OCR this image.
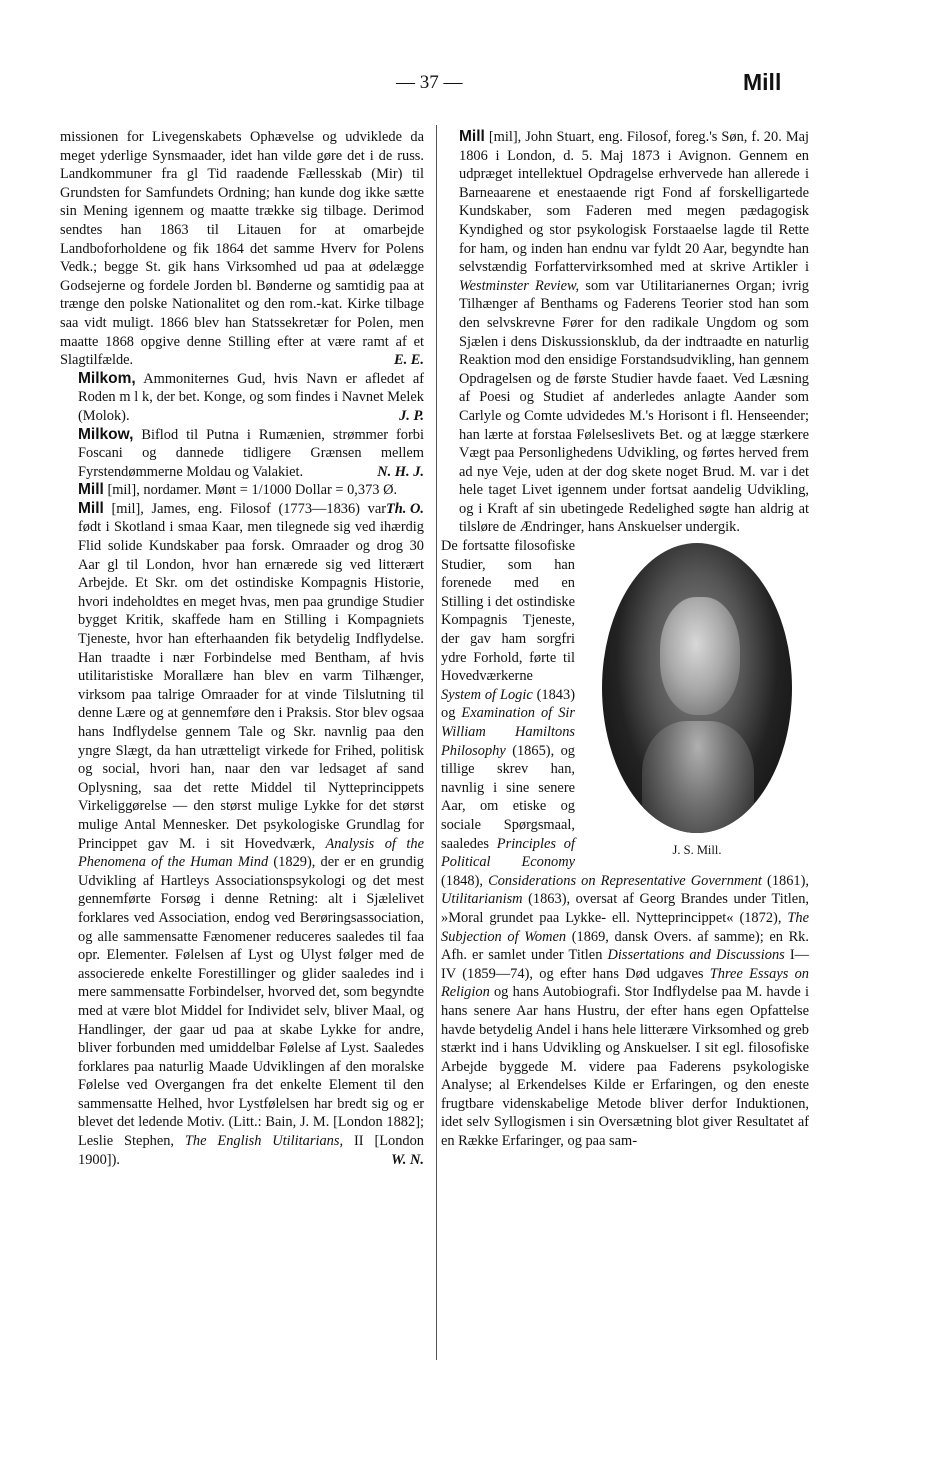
— 37 —	Mill

missionen for Livegenskabets Ophævelse og udviklede da meget yderlige Synsmaader, idet han vilde gøre det i de russ. Landkommuner fra gl Tid raadende Fællesskab (Mir) til Grundsten for Samfundets Ordning; han kunde dog ikke sætte sin Mening igennem og maatte trække sig tilbage. Derimod sendtes han 1863 til Litauen for at omarbejde Landboforholdene og fik 1864 det samme Hverv for Polens Vedk.; begge St. gik hans Virksomhed ud paa at ødelægge Godsejerne og fordele Jorden bl. Bønderne og samtidig paa at trænge den polske Nationalitet og den rom.-kat. Kirke tilbage saa vidt muligt. 1866 blev han Statssekretær for Polen, men maatte 1868 opgive denne Stilling efter at være ramt af et Slagtilfælde.	E. E.

Milkom, Ammoniternes Gud, hvis Navn er afledet af Roden m l k, der bet. Konge, og som findes i Navnet Melek (Molok).	J. P.

Milkow, Biflod til Putna i Rumænien, strømmer forbi Foscani og dannede tidligere Grænsen mellem Fyrstendømmerne Moldau og Valakiet.	N. H. J.

Mill [mil], nordamer. Mønt = 1/1000 Dollar = 0,373 Ø.
Th. O.

Mill [mil], James, eng. Filosof (1773—1836) var født i Skotland i smaa Kaar, men tilegnede sig ved ihærdig Flid solide Kundskaber paa forsk. Omraader og drog 30 Aar gl til London, hvor han ernærede sig ved litterært Arbejde. Et Skr. om det ostindiske Kompagnis Historie, hvori indeholdtes en meget hvas, men paa grundige Studier bygget Kritik, skaffede ham en Stilling i Kompagniets Tjeneste, hvor han efterhaanden fik betydelig Indflydelse. Han traadte i nær Forbindelse med Bentham, af hvis utilitaristiske Morallære han blev en varm Tilhænger, virksom paa talrige Omraader for at vinde Tilslutning til denne Lære og at gennemføre den i Praksis. Stor blev ogsaa hans Indflydelse gennem Tale og Skr. navnlig paa den yngre Slægt, da han utrætteligt virkede for Frihed, politisk og social, hvori han, naar den var ledsaget af sand Oplysning, saa det rette Middel til Nytteprincippets Virkeliggørelse — den størst mulige Lykke for det størst mulige Antal Mennesker. Det psykologiske Grundlag for Princippet gav M. i sit Hovedværk, Analysis of the Phenomena of the Human Mind (1829), der er en grundig Udvikling af Hartleys Associationspsykologi og det mest gennemførte Forsøg i denne Retning: alt i Sjælelivet forklares ved Association, endog ved Berøringsassociation, og alle sammensatte Fænomener reduceres saaledes til faa opr. Elementer. Følelsen af Lyst og Ulyst følger med de associerede enkelte Forestillinger og glider saaledes ind i mere sammensatte Forbindelser, hvorved det, som begyndte med at være blot Middel for Individet selv, bliver Maal, og Handlinger, der gaar ud paa at skabe Lykke for andre, bliver forbunden med umiddelbar Følelse af Lyst. Saaledes forklares paa naturlig Maade Udviklingen af den moralske Følelse ved Overgangen fra det enkelte Element til den sammensatte Helhed, hvor Lystfølelsen har bredt sig og er blevet det ledende Motiv. (Litt.: Bain, J. M. [London 1882]; Leslie Stephen, The English Utilitarians, II [London 1900]).	W. N.

Mill [mil], John Stuart, eng. Filosof, foreg.'s Søn, f. 20. Maj 1806 i London, d. 5. Maj 1873 i Avignon. Gennem en udpræget intellektuel Opdragelse erhvervede han allerede i Barneaarene et enestaaende rigt Fond af forskelligartede Kundskaber, som Faderen med megen pædagogisk Kyndighed og stor psykologisk Forstaaelse lagde til Rette for ham, og inden han endnu var fyldt 20 Aar, begyndte han selvstændig Forfattervirksomhed med at skrive Artikler i Westminster Review, som var Utilitarianernes Organ; ivrig Tilhænger af Benthams og Faderens Teorier stod han som den selvskrevne Fører for den radikale Ungdom og som Sjælen i dens Diskussionsklub, da der indtraadte en naturlig Reaktion mod den ensidige Forstandsudvikling, han gennem Opdragelsen og de første Studier havde faaet. Ved Læsning af Poesi og Studiet af anderledes anlagte Aander som Carlyle og Comte udvidedes M.'s Horisont i fl. Henseender; han lærte at forstaa Følelseslivets Bet. og at lægge stærkere Vægt paa Personlighedens Udvikling, og førtes herved frem ad nye Veje, uden at der dog skete noget Brud. M. var i det hele taget Livet igennem under fortsat aandelig Udvikling, og i Kraft af sin ubetingede Redelighed søgte han aldrig at tilsløre de Ændringer, hans Anskuelser undergik.

J. S. Mill.

De fortsatte filosofiske Studier, som han forenede med en Stilling i det ostindiske Kompagnis Tjeneste, der gav ham sorgfri ydre Forhold, førte til Hovedværkerne System of Logic (1843) og Examination of Sir William Hamiltons Philosophy (1865), og tillige skrev han, navnlig i sine senere Aar, om etiske og sociale Spørgsmaal, saaledes Principles of Political Economy (1848), Considerations on Representative Government (1861), Utilitarianism (1863), oversat af Georg Brandes under Titlen, »Moral grundet paa Lykke- ell. Nytteprincippet« (1872), The Subjection of Women (1869, dansk Overs. af samme); en Rk. Afh. er samlet under Titlen Dissertations and Discussions I—IV (1859—74), og efter hans Død udgaves Three Essays on Religion og hans Autobiografi. Stor Indflydelse paa M. havde i hans senere Aar hans Hustru, der efter hans egen Opfattelse havde betydelig Andel i hans hele litterære Virksomhed og greb stærkt ind i hans Udvikling og Anskuelser. I sit egl. filosofiske Arbejde byggede M. videre paa Faderens psykologiske Analyse; al Erkendelses Kilde er Erfaringen, og den eneste frugtbare videnskabelige Metode bliver derfor Induktionen, idet selv Syllogismen i sin Oversætning blot giver Resultatet af en Række Erfaringer, og paa sam-
